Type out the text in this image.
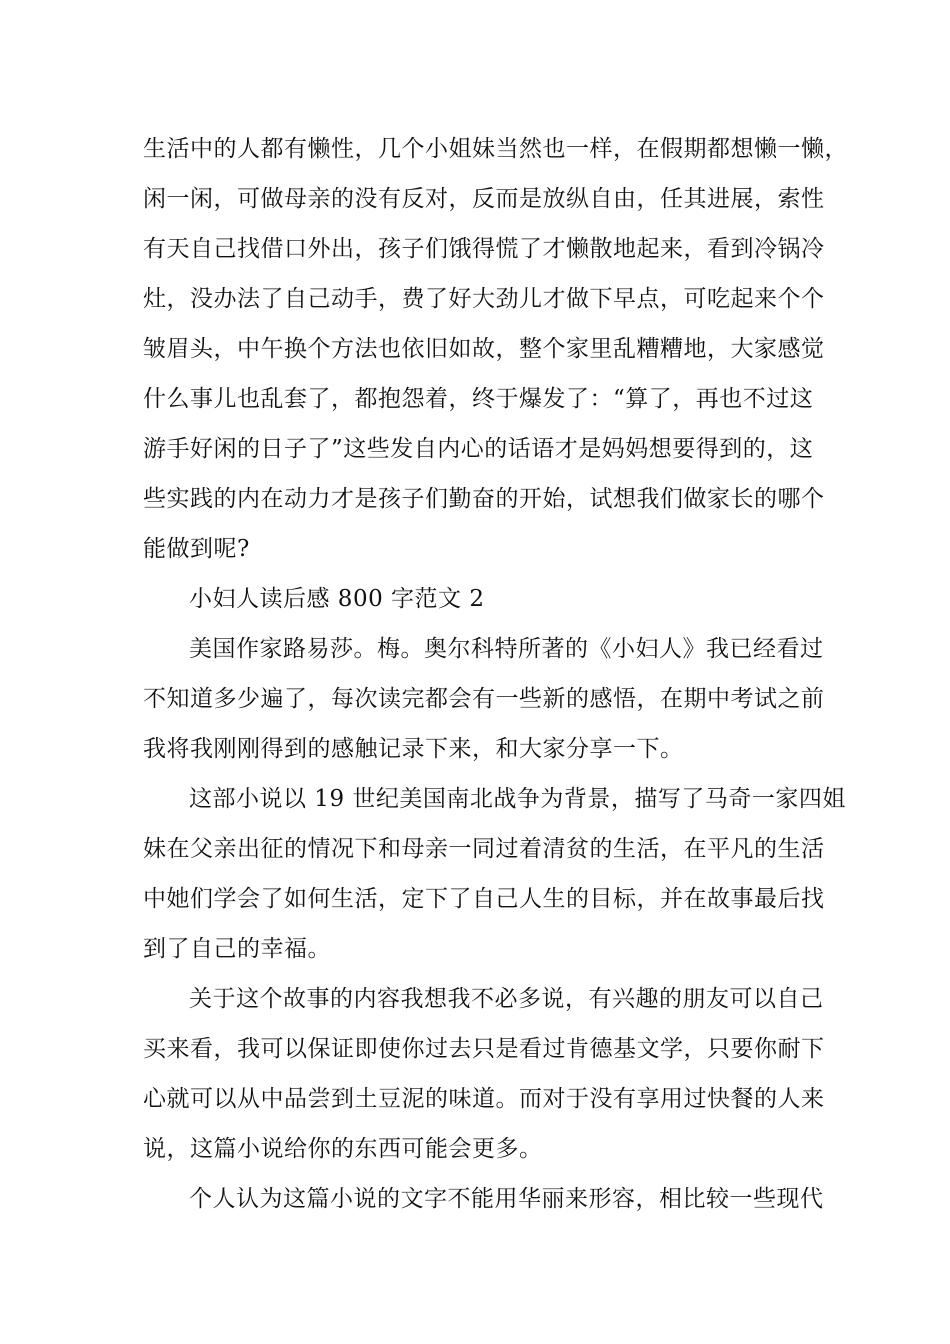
生活中的人都有懒性，几个小姐妹当然也一样，在假期都想懒一懒，
闲一闲，可做母亲的没有反对，反而是放纵自由，任其进展，索性
有天自己找借口外出，孩子们饿得慌了才懒散地起来，看到冷锅冷
灶，没办法了自己动手，费了好大劲儿才做下早点，可吃起来个个
皱眉头，中午换个方法也依旧如故，整个家里乱糟糟地，大家感觉
什么事儿也乱套了，都抱怨着，终于爆发了：“算了，再也不过这
游手好闲的日子了”这些发自内心的话语才是妈妈想要得到的，这
些实践的内在动力才是孩子们勤奋的开始，试想我们做家长的哪个
能做到呢?
小妇人读后感 800 字范文 2
美国作家路易莎。梅。奥尔科特所著的《小妇人》我已经看过
不知道多少遍了，每次读完都会有一些新的感悟，在期中考试之前
我将我刚刚得到的感触记录下来，和大家分享一下。
这部小说以 19 世纪美国南北战争为背景，描写了马奇一家四姐
妹在父亲出征的情况下和母亲一同过着清贫的生活，在平凡的生活
中她们学会了如何生活，定下了自己人生的目标，并在故事最后找
到了自己的幸福。
关于这个故事的内容我想我不必多说，有兴趣的朋友可以自己
买来看，我可以保证即使你过去只是看过肯德基文学，只要你耐下
心就可以从中品尝到土豆泥的味道。而对于没有享用过快餐的人来
说，这篇小说给你的东西可能会更多。
个人认为这篇小说的文字不能用华丽来形容，相比较一些现代
